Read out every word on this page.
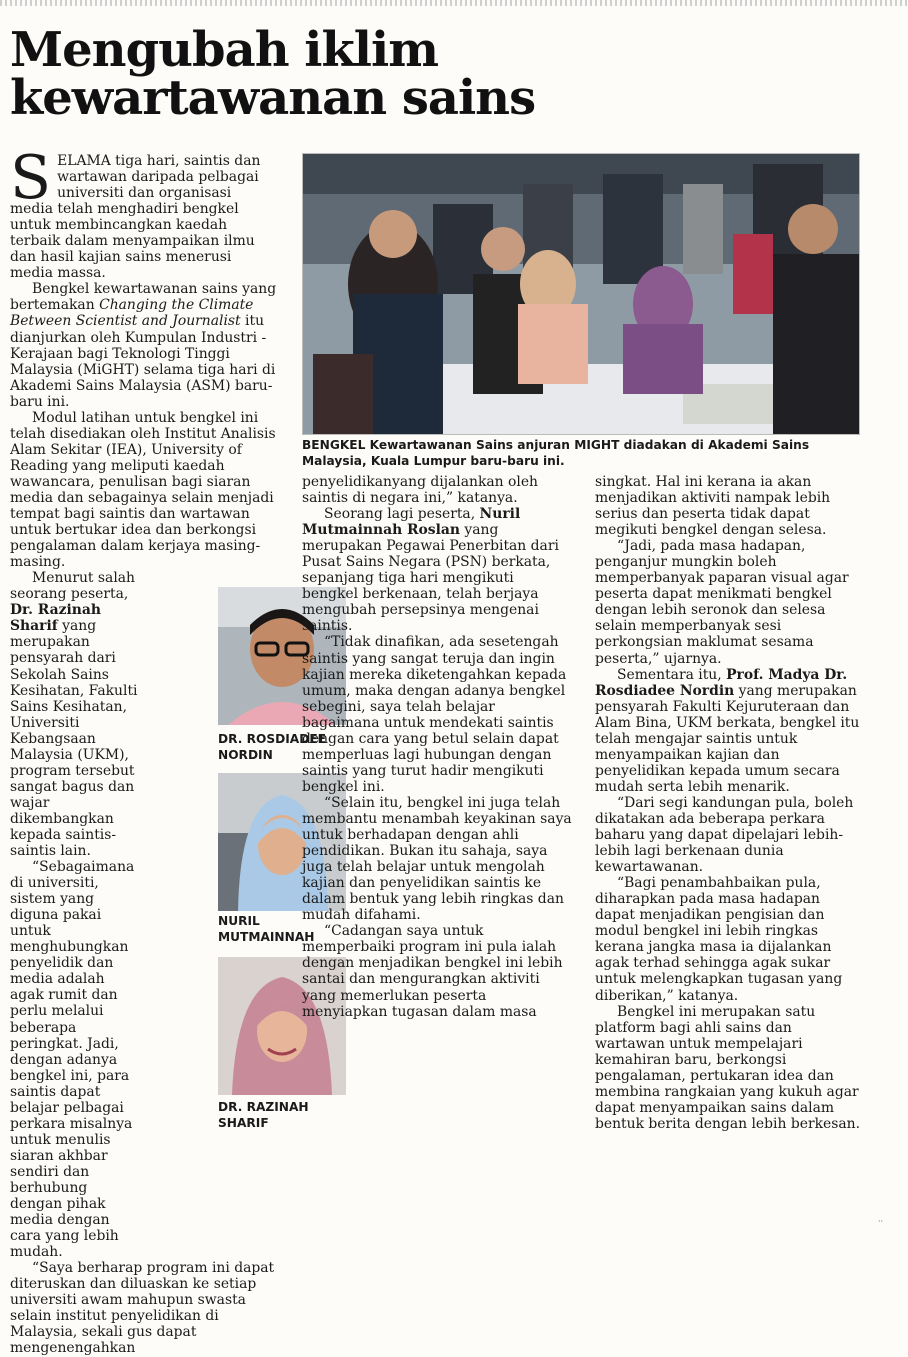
Mengubah iklim
kewartawanan sains
BENGKEL Kewartawanan Sains anjuran MIGHT diadakan di Akademi Sains Malaysia, Kuala Lumpur baru-baru ini.

SELAMA tiga hari, saintis dan wartawan daripada pelbagai universiti dan organisasi media telah menghadiri bengkel untuk membincangkan kaedah terbaik dalam menyampaikan ilmu dan hasil kajian sains menerusi media massa.

Bengkel kewartawanan sains yang bertemakan Changing the Climate Between Scientist and Journalist itu dianjurkan oleh Kumpulan Industri - Kerajaan bagi Teknologi Tinggi Malaysia (MiGHT) selama tiga hari di Akademi Sains Malaysia (ASM) baru-baru ini.

Modul latihan untuk bengkel ini telah disediakan oleh Institut Analisis Alam Sekitar (IEA), University of Reading yang meliputi kaedah wawancara, penulisan bagi siaran media dan sebagainya selain menjadi tempat bagi saintis dan wartawan untuk bertukar idea dan berkongsi pengalaman dalam kerjaya masing-masing.

Menurut salah seorang peserta, Dr. Razinah Sharif yang merupakan pensyarah dari Sekolah Sains Kesihatan, Fakulti Sains Kesihatan, Universiti Kebangsaan Malaysia (UKM), program tersebut sangat bagus dan wajar dikembangkan kepada saintis-saintis lain.

“Sebagaimana di universiti, sistem yang diguna pakai untuk menghubungkan penyelidik dan media adalah agak rumit dan perlu melalui beberapa peringkat. Jadi, dengan adanya bengkel ini, para saintis dapat belajar pelbagai perkara misalnya untuk menulis siaran akhbar sendiri dan berhubung dengan pihak media dengan cara yang lebih mudah.

“Saya berharap program ini dapat diteruskan dan diluaskan ke setiap universiti awam mahupun swasta selain institut penyelidikan di Malaysia, sekali gus dapat mengenengahkan

DR. ROSDIADEE
NORDIN
NURIL
MUTMAINNAH
DR. RAZINAH
SHARIF

penyelidikanyang dijalankan oleh saintis di negara ini,” katanya.

Seorang lagi peserta, Nuril Mutmainnah Roslan yang merupakan Pegawai Penerbitan dari Pusat Sains Negara (PSN) berkata, sepanjang tiga hari mengikuti bengkel berkenaan, telah berjaya mengubah persepsinya mengenai saintis.

“Tidak dinafikan, ada sesetengah saintis yang sangat teruja dan ingin kajian mereka diketengahkan kepada umum, maka dengan adanya bengkel sebegini, saya telah belajar bagaimana untuk mendekati saintis dengan cara yang betul selain dapat memperluas lagi hubungan dengan saintis yang turut hadir mengikuti bengkel ini.

“Selain itu, bengkel ini juga telah membantu menambah keyakinan saya untuk berhadapan dengan ahli pendidikan. Bukan itu sahaja, saya juga telah belajar untuk mengolah kajian dan penyelidikan saintis ke dalam bentuk yang lebih ringkas dan mudah difahami.

“Cadangan saya untuk memperbaiki program ini pula ialah dengan menjadikan bengkel ini lebih santai dan mengurangkan aktiviti yang memerlukan peserta menyiapkan tugasan dalam masa

singkat. Hal ini kerana ia akan menjadikan aktiviti nampak lebih serius dan peserta tidak dapat megikuti bengkel dengan selesa.

“Jadi, pada masa hadapan, penganjur mungkin boleh memperbanyak paparan visual agar peserta dapat menikmati bengkel dengan lebih seronok dan selesa selain memperbanyak sesi perkongsian maklumat sesama peserta,” ujarnya.

Sementara itu, Prof. Madya Dr. Rosdiadee Nordin yang merupakan pensyarah Fakulti Kejuruteraan dan Alam Bina, UKM berkata, bengkel itu telah mengajar saintis untuk menyampaikan kajian dan penyelidikan kepada umum secara mudah serta lebih menarik.

“Dari segi kandungan pula, boleh dikatakan ada beberapa perkara baharu yang dapat dipelajari lebih-lebih lagi berkenaan dunia kewartawanan.

“Bagi penambahbaikan pula, diharapkan pada masa hadapan dapat menjadikan pengisian dan modul bengkel ini lebih ringkas kerana jangka masa ia dijalankan agak terhad sehingga agak sukar untuk melengkapkan tugasan yang diberikan,” katanya.

Bengkel ini merupakan satu platform bagi ahli sains dan wartawan untuk mempelajari kemahiran baru, berkongsi pengalaman, pertukaran idea dan membina rangkaian yang kukuh agar dapat menyampaikan sains dalam bentuk berita dengan lebih berkesan.

··
